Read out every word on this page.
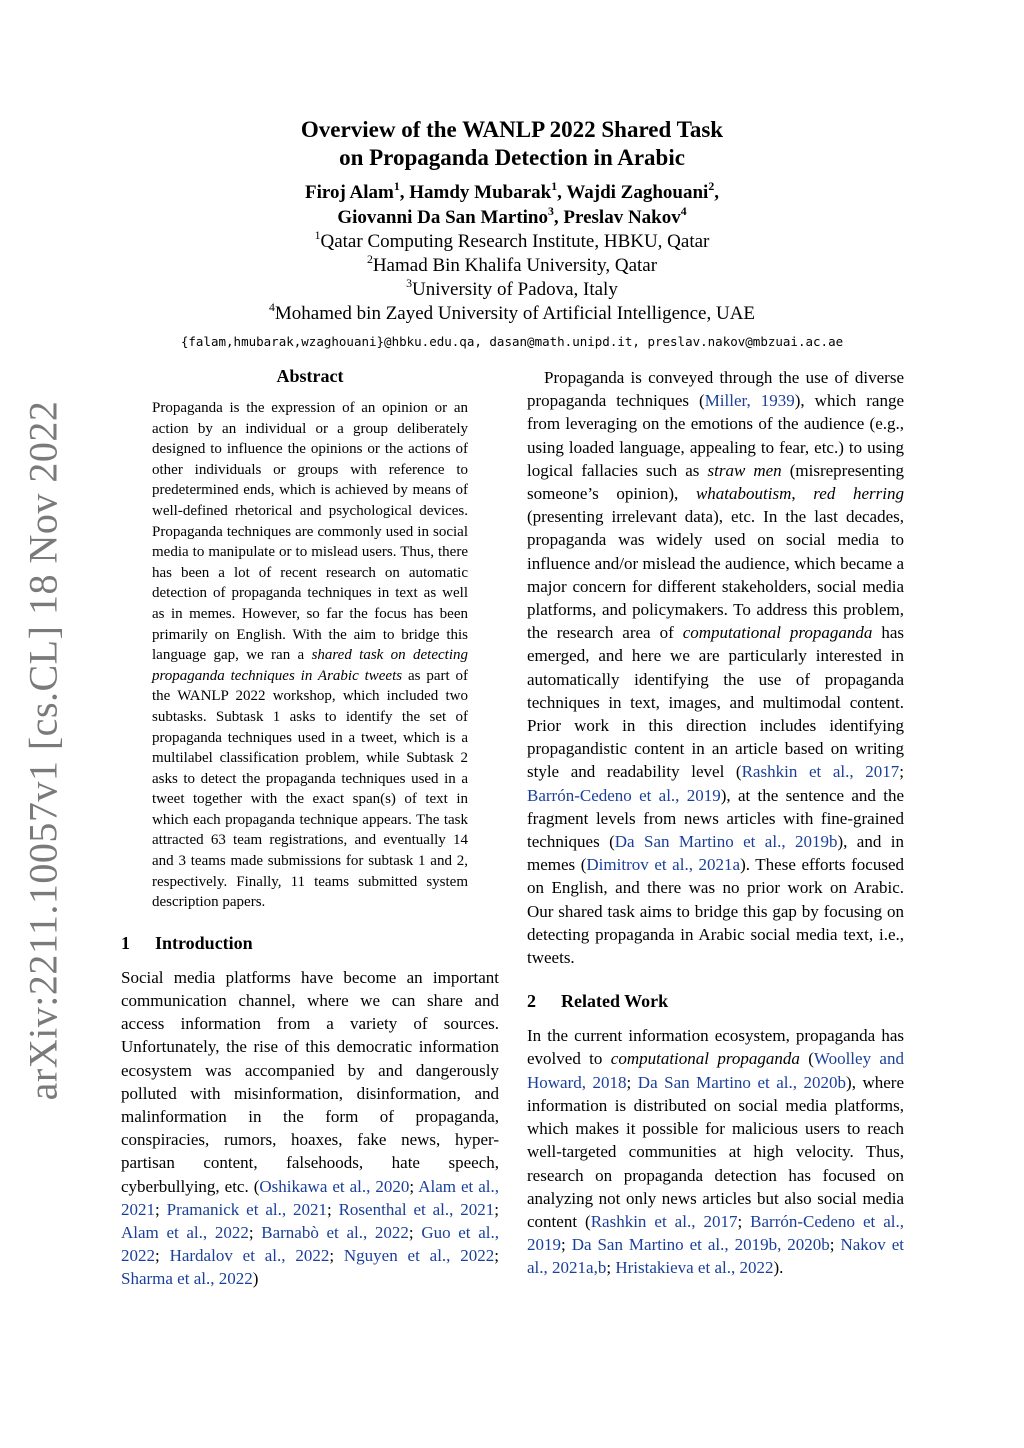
arXiv:2211.10057v1 [cs.CL] 18 Nov 2022
Overview of the WANLP 2022 Shared Task
on Propaganda Detection in Arabic
Firoj Alam$^1$, Hamdy Mubarak$^1$, Wajdi Zaghouani$^2$,
Giovanni Da San Martino$^3$, Preslav Nakov$^4$
$^1$Qatar Computing Research Institute, HBKU, Qatar
$^2$Hamad Bin Khalifa University, Qatar
$^3$University of Padova, Italy
$^4$Mohamed bin Zayed University of Artificial Intelligence, UAE
{falam,hmubarak,wzaghouani}@hbku.edu.qa, dasan@math.unipd.it, preslav.nakov@mbzuai.ac.ae
Abstract

Propaganda is the expression of an opinion or an action by an individual or a group deliberately designed to influence the opinions or the actions of other individuals or groups with reference to predetermined ends, which is achieved by means of well-defined rhetorical and psychological devices. Propaganda techniques are commonly used in social media to manipulate or to mislead users. Thus, there has been a lot of recent research on automatic detection of propaganda techniques in text as well as in memes. However, so far the focus has been primarily on English. With the aim to bridge this language gap, we ran a shared task on detecting propaganda techniques in Arabic tweets as part of the WANLP 2022 workshop, which included two subtasks. Subtask 1 asks to identify the set of propaganda techniques used in a tweet, which is a multilabel classification problem, while Subtask 2 asks to detect the propaganda techniques used in a tweet together with the exact span(s) of text in which each propaganda technique appears. The task attracted 63 team registrations, and eventually 14 and 3 teams made submissions for subtask 1 and 2, respectively. Finally, 11 teams submitted system description papers.

1 Introduction

Social media platforms have become an important communication channel, where we can share and access information from a variety of sources. Unfortunately, the rise of this democratic information ecosystem was accompanied by and dangerously polluted with misinformation, disinformation, and malinformation in the form of propaganda, conspiracies, rumors, hoaxes, fake news, hyper-partisan content, falsehoods, hate speech, cyberbullying, etc. (Oshikawa et al., 2020; Alam et al., 2021; Pramanick et al., 2021; Rosenthal et al., 2021; Alam et al., 2022; Barnabò et al., 2022; Guo et al., 2022; Hardalov et al., 2022; Nguyen et al., 2022; Sharma et al., 2022)

Propaganda is conveyed through the use of diverse propaganda techniques (Miller, 1939), which range from leveraging on the emotions of the audience (e.g., using loaded language, appealing to fear, etc.) to using logical fallacies such as straw men (misrepresenting someone’s opinion), whataboutism, red herring (presenting irrelevant data), etc. In the last decades, propaganda was widely used on social media to influence and/or mislead the audience, which became a major concern for different stakeholders, social media platforms, and policymakers. To address this problem, the research area of computational propaganda has emerged, and here we are particularly interested in automatically identifying the use of propaganda techniques in text, images, and multimodal content. Prior work in this direction includes identifying propagandistic content in an article based on writing style and readability level (Rashkin et al., 2017; Barrón-Cedeno et al., 2019), at the sentence and the fragment levels from news articles with fine-grained techniques (Da San Martino et al., 2019b), and in memes (Dimitrov et al., 2021a). These efforts focused on English, and there was no prior work on Arabic. Our shared task aims to bridge this gap by focusing on detecting propaganda in Arabic social media text, i.e., tweets.

2 Related Work

In the current information ecosystem, propaganda has evolved to computational propaganda (Woolley and Howard, 2018; Da San Martino et al., 2020b), where information is distributed on social media platforms, which makes it possible for malicious users to reach well-targeted communities at high velocity. Thus, research on propaganda detection has focused on analyzing not only news articles but also social media content (Rashkin et al., 2017; Barrón-Cedeno et al., 2019; Da San Martino et al., 2019b, 2020b; Nakov et al., 2021a,b; Hristakieva et al., 2022).
